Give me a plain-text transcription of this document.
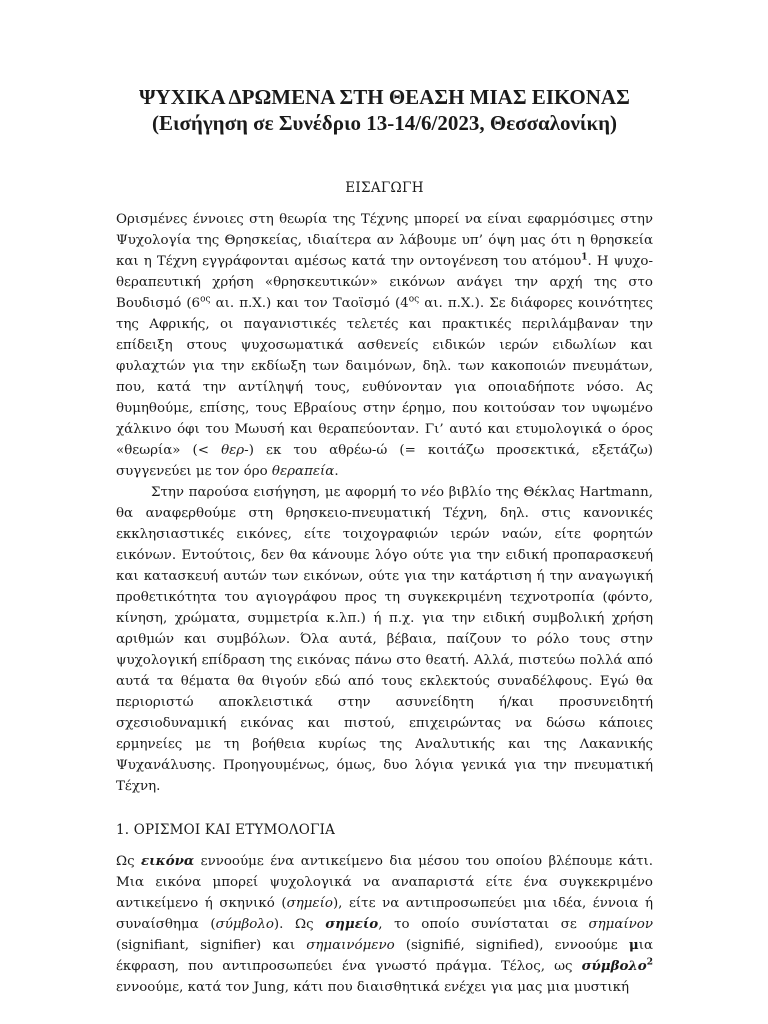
ΨΥΧΙΚΑ ΔΡΩΜΕΝΑ ΣΤΗ ΘΕΑΣΗ ΜΙΑΣ ΕΙΚΟΝΑΣ
(Εισήγηση σε Συνέδριο 13-14/6/2023, Θεσσαλονίκη)
ΕΙΣΑΓΩΓΗ

Ορισμένες έννοιες στη θεωρία της Τέχνης μπορεί να είναι εφαρμόσιμες στην Ψυχολογία της Θρησκείας, ιδιαίτερα αν λάβουμε υπ’ όψη μας ότι η θρησκεία και η Τέχνη εγγράφονται αμέσως κατά την οντογένεση του ατόμου$^1$. Η ψυχο-θεραπευτική χρήση «θρησκευτικών» εικόνων ανάγει την αρχή της στο Βουδισμό ($6^{o\varsigma}$ αι. π.Χ.) και τον Ταοϊσμό ($4^{o\varsigma}$ αι. π.Χ.). Σε διάφορες κοινότητες της Αφρικής, οι παγανιστικές τελετές και πρακτικές περιλάμβαναν την επίδειξη στους ψυχοσωματικά ασθενείς ειδικών ιερών ειδωλίων και φυλαχτών για την εκδίωξη των δαιμόνων, δηλ. των κακοποιών πνευμάτων, που, κατά την αντίληψή τους, ευθύνονταν για οποιαδήποτε νόσο. Ας θυμηθούμε, επίσης, τους Εβραίους στην έρημο, που κοιτούσαν τον υψωμένο χάλκινο όφι του Μωυσή και θεραπεύονταν. Γι’ αυτό και ετυμολογικά ο όρος «θεωρία» (< θερ-) εκ του αθρέω-ώ (= κοιτάζω προσεκτικά, εξετάζω) συγγενεύει με τον όρο θεραπεία.

Στην παρούσα εισήγηση, με αφορμή το νέο βιβλίο της Θέκλας Hartmann, θα αναφερθούμε στη θρησκειο-πνευματική Τέχνη, δηλ. στις κανονικές εκκλησιαστικές εικόνες, είτε τοιχογραφιών ιερών ναών, είτε φορητών εικόνων. Εντούτοις, δεν θα κάνουμε λόγο ούτε για την ειδική προπαρασκευή και κατασκευή αυτών των εικόνων, ούτε για την κατάρτιση ή την αναγωγική προθετικότητα του αγιογράφου προς τη συγκεκριμένη τεχνοτροπία (φόντο, κίνηση, χρώματα, συμμετρία κ.λπ.) ή π.χ. για την ειδική συμβολική χρήση αριθμών και συμβόλων. Όλα αυτά, βέβαια, παίζουν το ρόλο τους στην ψυχολογική επίδραση της εικόνας πάνω στο θεατή. Αλλά, πιστεύω πολλά από αυτά τα θέματα θα θιγούν εδώ από τους εκλεκτούς συναδέλφους. Εγώ θα περιοριστώ αποκλειστικά στην ασυνείδητη ή/και προσυνειδητή σχεσιοδυναμική εικόνας και πιστού, επιχειρώντας να δώσω κάποιες ερμηνείες με τη βοήθεια κυρίως της Αναλυτικής και της Λακανικής Ψυχανάλυσης. Προηγουμένως, όμως, δυο λόγια γενικά για την πνευματική Τέχνη.

1. ΟΡΙΣΜΟΙ ΚΑΙ ΕΤΥΜΟΛΟΓΙΑ

Ως εικόνα εννοούμε ένα αντικείμενο δια μέσου του οποίου βλέπουμε κάτι. Μια εικόνα μπορεί ψυχολογικά να αναπαριστά είτε ένα συγκεκριμένο αντικείμενο ή σκηνικό (σημείο), είτε να αντιπροσωπεύει μια ιδέα, έννοια ή συναίσθημα (σύμβολο). Ως σημείο, το οποίο συνίσταται σε σημαίνον (signifiant, signifier) και σημαινόμενο (signifié, signified), εννοούμε μια έκφραση, που αντιπροσωπεύει ένα γνωστό πράγμα. Τέλος, ως σύμβολο$^2$ εννοούμε, κατά τον Jung, κάτι που διαισθητικά ενέχει για μας μια μυστική
